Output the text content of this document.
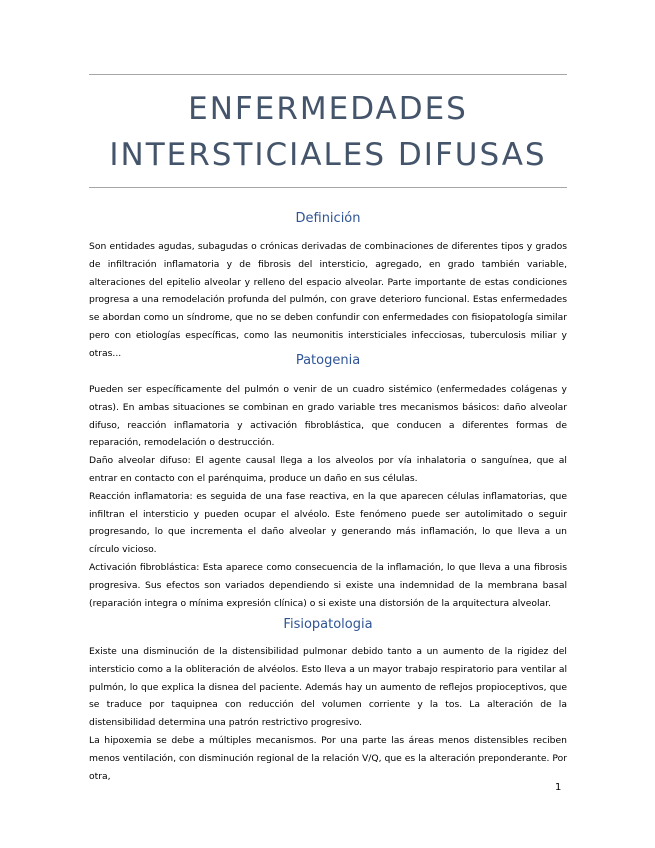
ENFERMEDADES
INTERSTICIALES DIFUSAS
Definición

Son entidades agudas, subagudas o crónicas derivadas de combinaciones de diferentes tipos y grados de infiltración inflamatoria y de fibrosis del intersticio, agregado, en grado también variable, alteraciones del epitelio alveolar y relleno del espacio alveolar. Parte importante de estas condiciones progresa a una remodelación profunda del pulmón, con grave deterioro funcional. Estas enfermedades se abordan como un síndrome, que no se deben confundir con enfermedades con fisiopatología similar pero con etiologías específicas, como las neumonitis intersticiales infecciosas, tuberculosis miliar y otras...	Patogenia

Pueden ser específicamente del pulmón o venir de un cuadro sistémico (enfermedades colágenas y otras). En ambas situaciones se combinan en grado variable tres mecanismos básicos: daño alveolar difuso, reacción inflamatoria y activación fibroblástica, que conducen a diferentes formas de reparación, remodelación o destrucción.

Daño alveolar difuso: El agente causal llega a los alveolos por vía inhalatoria o sanguínea, que al entrar en contacto con el parénquima, produce un daño en sus células.

Reacción inflamatoria: es seguida de una fase reactiva, en la que aparecen células inflamatorias, que infiltran el intersticio y pueden ocupar el alvéolo. Este fenómeno puede ser autolimitado o seguir progresando, lo que incrementa el daño alveolar y generando más inflamación, lo que lleva a un círculo vicioso.

Activación fibroblástica: Esta aparece como consecuencia de la inflamación, lo que lleva a una fibrosis progresiva. Sus efectos son variados dependiendo si existe una indemnidad de la membrana basal (reparación integra o mínima expresión clínica) o si existe una distorsión de la arquitectura alveolar.

Fisiopatologia

Existe una disminución de la distensibilidad pulmonar debido tanto a un aumento de la rigidez del intersticio como a la obliteración de alvéolos. Esto lleva a un mayor trabajo respiratorio para ventilar al pulmón, lo que explica la disnea del paciente. Además hay un aumento de reflejos propioceptivos, que se traduce por taquipnea con reducción del volumen corriente y la tos. La alteración de la distensibilidad determina una patrón restrictivo progresivo.

La hipoxemia se debe a múltiples mecanismos. Por una parte las áreas menos distensibles reciben menos ventilación, con disminución regional de la relación V/Q, que es la alteración preponderante. Por otra,

1
